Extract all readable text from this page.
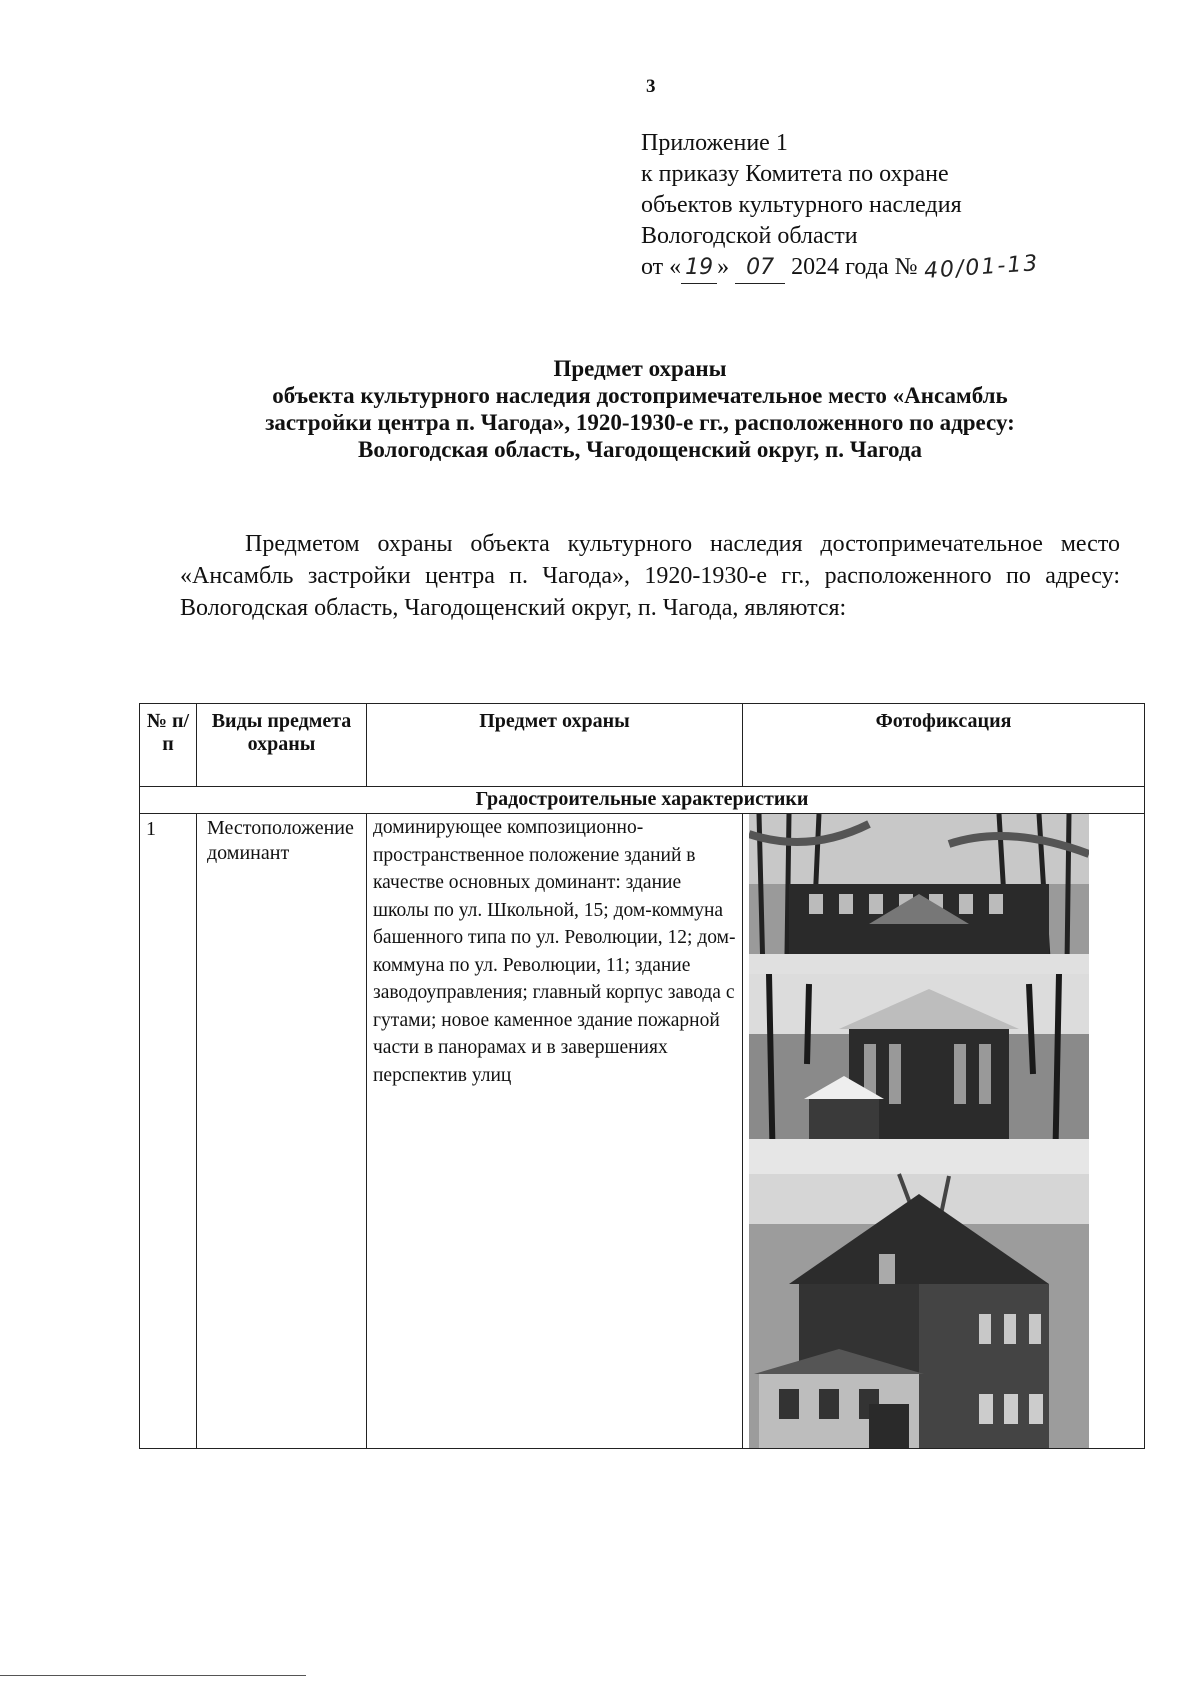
3
Приложение 1
к приказу Комитета по охране
объектов культурного наследия
Вологодской области
от « 19 » 07 2024 года № 40/01-13
Предмет охраны
объекта культурного наследия достопримечательное место «Ансамбль
застройки центра п. Чагода», 1920-1930-е гг., расположенного по адресу:
Вологодская область, Чагодощенский округ, п. Чагода
Предметом охраны объекта культурного наследия достопримечательное место «Ансамбль застройки центра п. Чагода», 1920-1930-е гг., расположенного по адресу: Вологодская область, Чагодощенский округ, п. Чагода, являются:
№ п/п	Виды предмета охраны	Предмет охраны	Фотофиксация

Градостроительные характеристики			
1	Местоположение доминант	доминирующее композиционно-пространственное положение зданий в качестве основных доминант: здание школы по ул. Школьной, 15; дом-коммуна башенного типа по ул. Революции, 12; дом-коммуна по ул. Революции, 11; здание заводоуправления; главный корпус завода с гутами; новое каменное здание пожарной части в панорамах и в завершениях перспектив улиц	
